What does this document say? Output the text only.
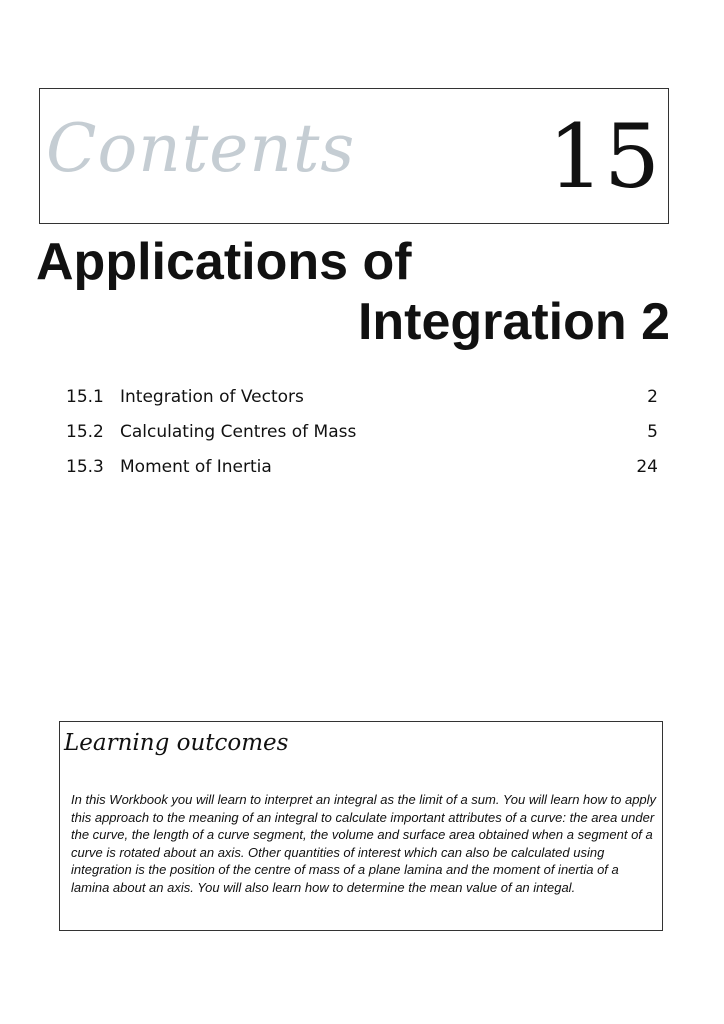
Contents 15
Applications of
Integration 2
15.1 Integration of Vectors	2
15.2 Calculating Centres of Mass	5
15.3 Moment of Inertia	24
Learning outcomes

In this Workbook you will learn to interpret an integral as the limit of a sum. You will learn how to apply this approach to the meaning of an integral to calculate important attributes of a curve: the area under the curve, the length of a curve segment, the volume and surface area obtained when a segment of a curve is rotated about an axis. Other quantities of interest which can also be calculated using integration is the position of the centre of mass of a plane lamina and the moment of inertia of a lamina about an axis. You will also learn how to determine the mean value of an integal.
